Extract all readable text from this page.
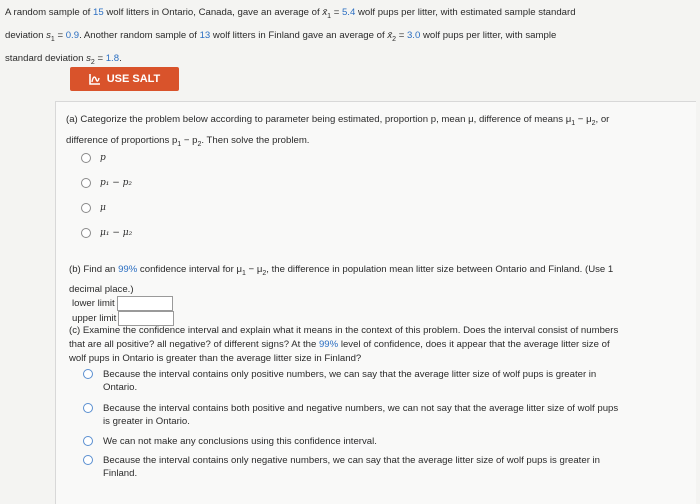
A random sample of 15 wolf litters in Ontario, Canada, gave an average of $x̄_1 = 5.4$ wolf pups per litter, with estimated sample standard

deviation $s_1 = 0.9$. Another random sample of 13 wolf litters in Finland gave an average of $x̄_2 = 3.0$ wolf pups per litter, with sample

standard deviation $s_2 = 1.8$.

USE SALT
(a) Categorize the problem below according to parameter being estimated, proportion p, mean μ, difference of means $\mu_1 - \mu_2$, or
difference of proportions $p_1 - p_2$. Then solve the problem.
p
p₁ − p₂
μ
μ₁ − μ₂
(b) Find an 99% confidence interval for $\mu_1 - \mu_2$, the difference in population mean litter size between Ontario and Finland. (Use 1
decimal place.)
lower limit
upper limit
(c) Examine the confidence interval and explain what it means in the context of this problem. Does the interval consist of numbers
that are all positive? all negative? of different signs? At the 99% level of confidence, does it appear that the average litter size of
wolf pups in Ontario is greater than the average litter size in Finland?
Because the interval contains only positive numbers, we can say that the average litter size of wolf pups is greater in
Ontario.
Because the interval contains both positive and negative numbers, we can not say that the average litter size of wolf pups
is greater in Ontario.
We can not make any conclusions using this confidence interval.
Because the interval contains only negative numbers, we can say that the average litter size of wolf pups is greater in
Finland.
